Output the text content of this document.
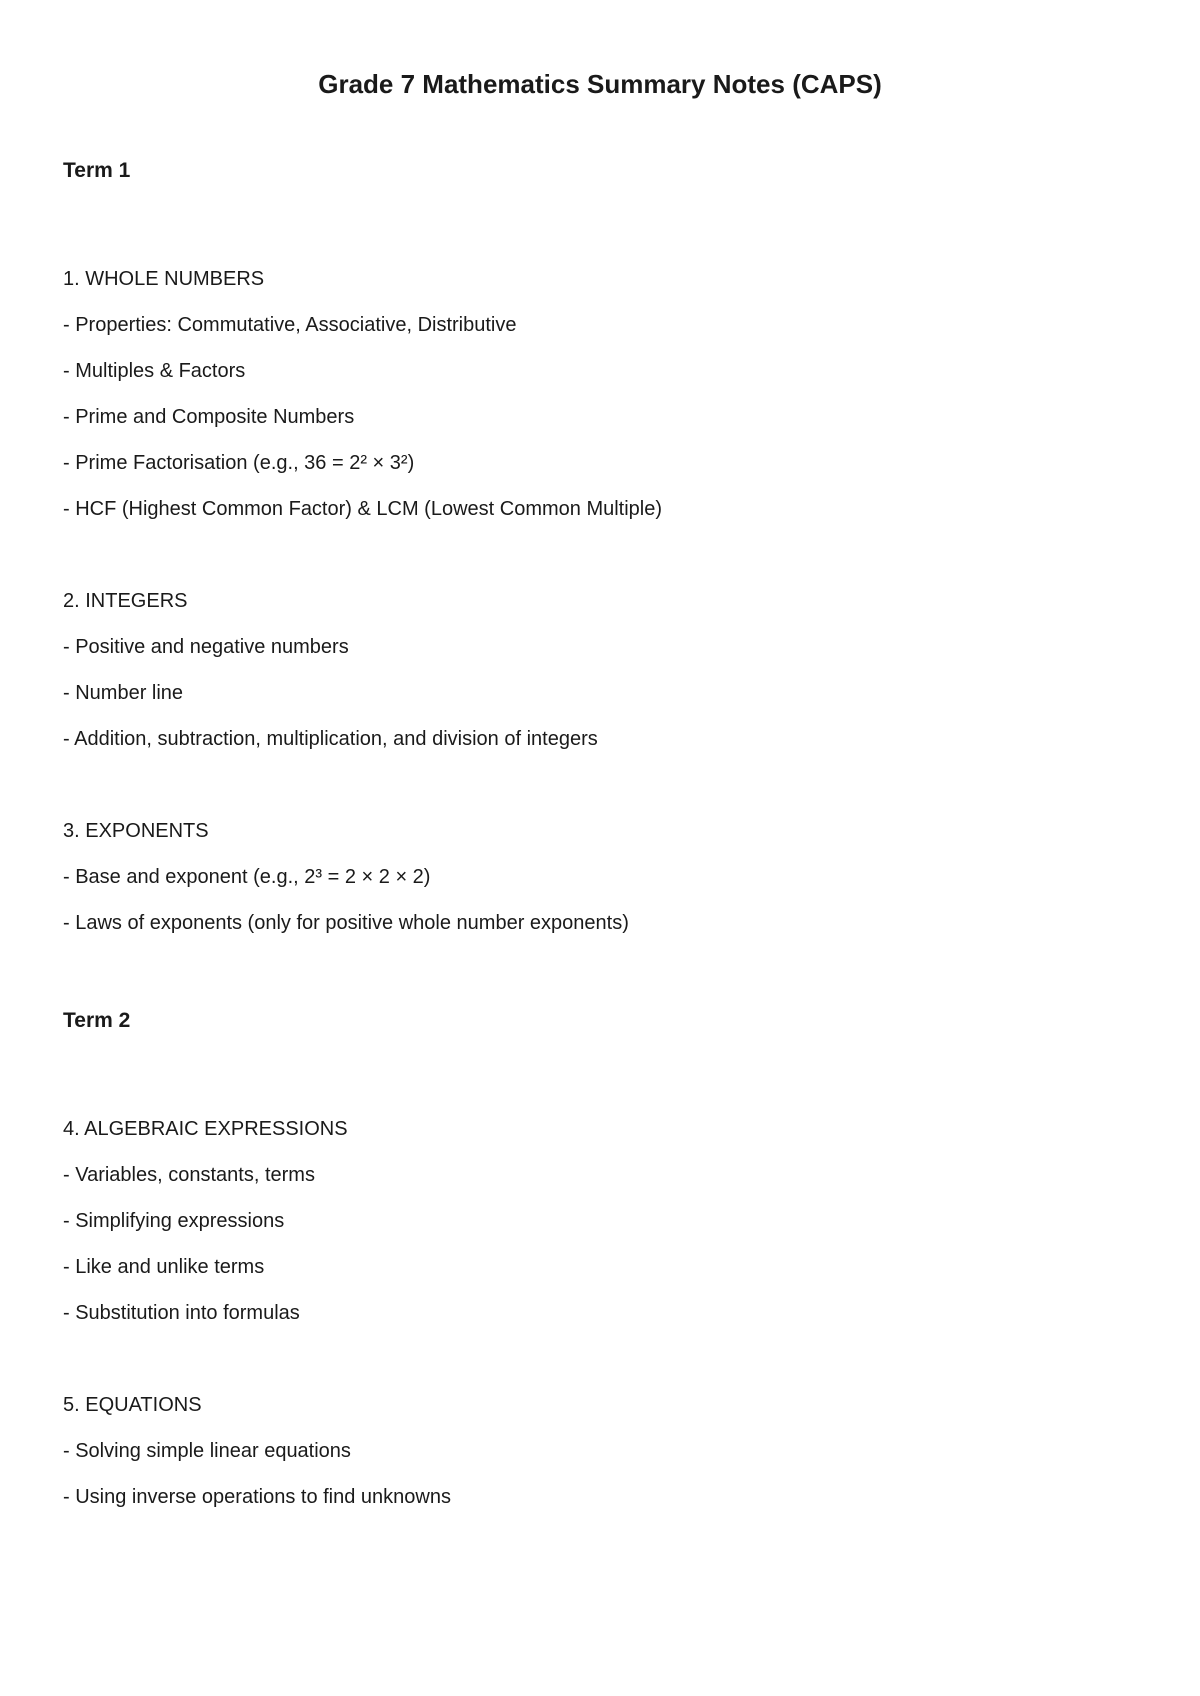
Grade 7 Mathematics Summary Notes (CAPS)
Term 1
1. WHOLE NUMBERS

- Properties: Commutative, Associative, Distributive

- Multiples & Factors

- Prime and Composite Numbers

- Prime Factorisation (e.g., 36 = 2² × 3²)

- HCF (Highest Common Factor) & LCM (Lowest Common Multiple)

2. INTEGERS

- Positive and negative numbers

- Number line

- Addition, subtraction, multiplication, and division of integers

3. EXPONENTS

- Base and exponent (e.g., 2³ = 2 × 2 × 2)

- Laws of exponents (only for positive whole number exponents)

Term 2
4. ALGEBRAIC EXPRESSIONS

- Variables, constants, terms

- Simplifying expressions

- Like and unlike terms

- Substitution into formulas

5. EQUATIONS

- Solving simple linear equations

- Using inverse operations to find unknowns
